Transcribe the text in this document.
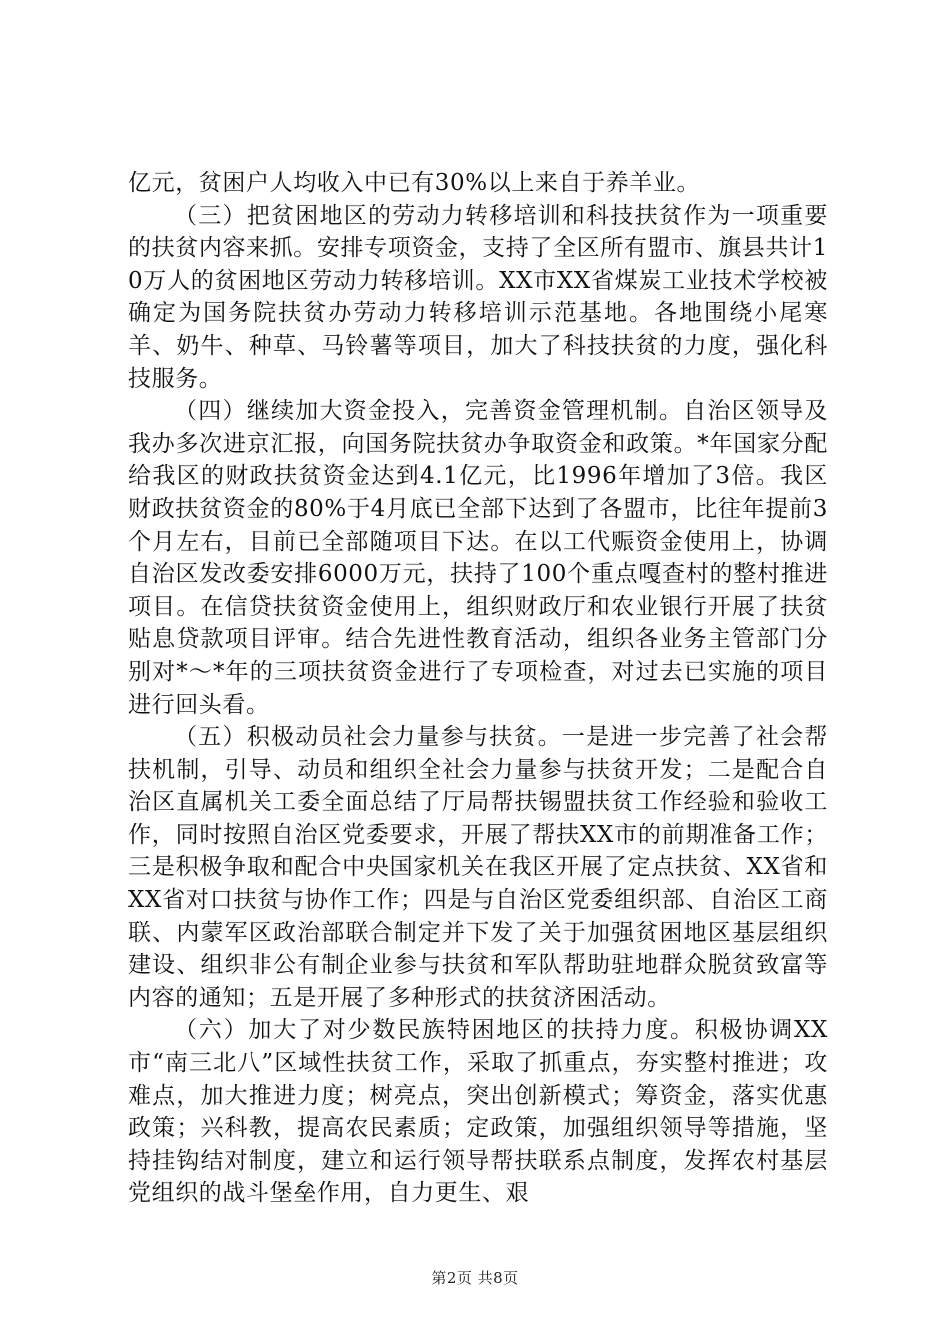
亿元，贫困户人均收入中已有30%以上来自于养羊业。

（三）把贫困地区的劳动力转移培训和科技扶贫作为一项重要的扶贫内容来抓。安排专项资金，支持了全区所有盟市、旗县共计10万人的贫困地区劳动力转移培训。XX市XX省煤炭工业技术学校被确定为国务院扶贫办劳动力转移培训示范基地。各地围绕小尾寒羊、奶牛、种草、马铃薯等项目，加大了科技扶贫的力度，强化科技服务。

（四）继续加大资金投入，完善资金管理机制。自治区领导及我办多次进京汇报，向国务院扶贫办争取资金和政策。*年国家分配给我区的财政扶贫资金达到4.1亿元，比1996年增加了3倍。我区财政扶贫资金的80%于4月底已全部下达到了各盟市，比往年提前3个月左右，目前已全部随项目下达。在以工代赈资金使用上，协调自治区发改委安排6000万元，扶持了100个重点嘎查村的整村推进项目。在信贷扶贫资金使用上，组织财政厅和农业银行开展了扶贫贴息贷款项目评审。结合先进性教育活动，组织各业务主管部门分别对*～*年的三项扶贫资金进行了专项检查，对过去已实施的项目进行回头看。

（五）积极动员社会力量参与扶贫。一是进一步完善了社会帮扶机制，引导、动员和组织全社会力量参与扶贫开发；二是配合自治区直属机关工委全面总结了厅局帮扶锡盟扶贫工作经验和验收工作，同时按照自治区党委要求，开展了帮扶XX市的前期准备工作；三是积极争取和配合中央国家机关在我区开展了定点扶贫、XX省和XX省对口扶贫与协作工作；四是与自治区党委组织部、自治区工商联、内蒙军区政治部联合制定并下发了关于加强贫困地区基层组织建设、组织非公有制企业参与扶贫和军队帮助驻地群众脱贫致富等内容的通知；五是开展了多种形式的扶贫济困活动。

（六）加大了对少数民族特困地区的扶持力度。积极协调XX市“南三北八”区域性扶贫工作，采取了抓重点，夯实整村推进；攻难点，加大推进力度；树亮点，突出创新模式；筹资金，落实优惠政策；兴科教，提高农民素质；定政策，加强组织领导等措施，坚持挂钩结对制度，建立和运行领导帮扶联系点制度，发挥农村基层党组织的战斗堡垒作用，自力更生、艰

第2页 共8页
